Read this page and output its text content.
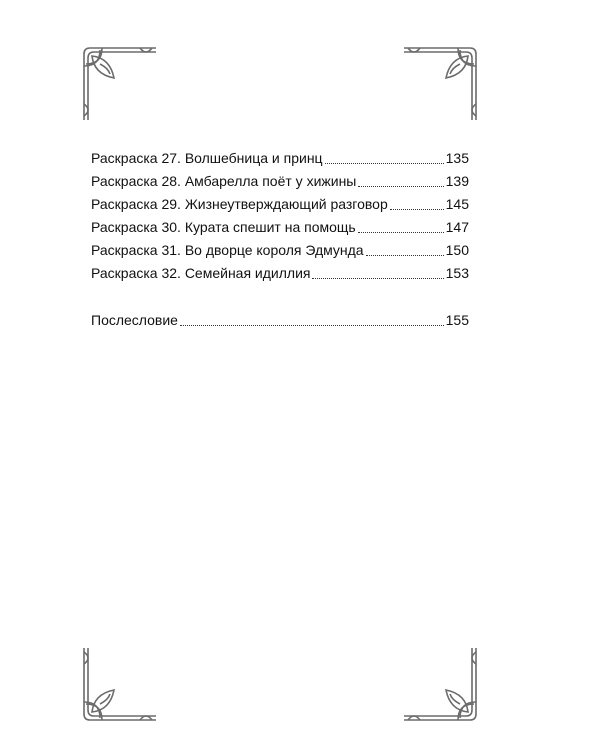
Раскраска 27. Волшебница и принц	135
Раскраска 28. Амбарелла поёт у хижины	139
Раскраска 29. Жизнеутверждающий разговор	145
Раскраска 30. Курата спешит на помощь	147
Раскраска 31. Во дворце короля Эдмунда	150
Раскраска 32. Семейная идиллия	153
Послесловие	155
